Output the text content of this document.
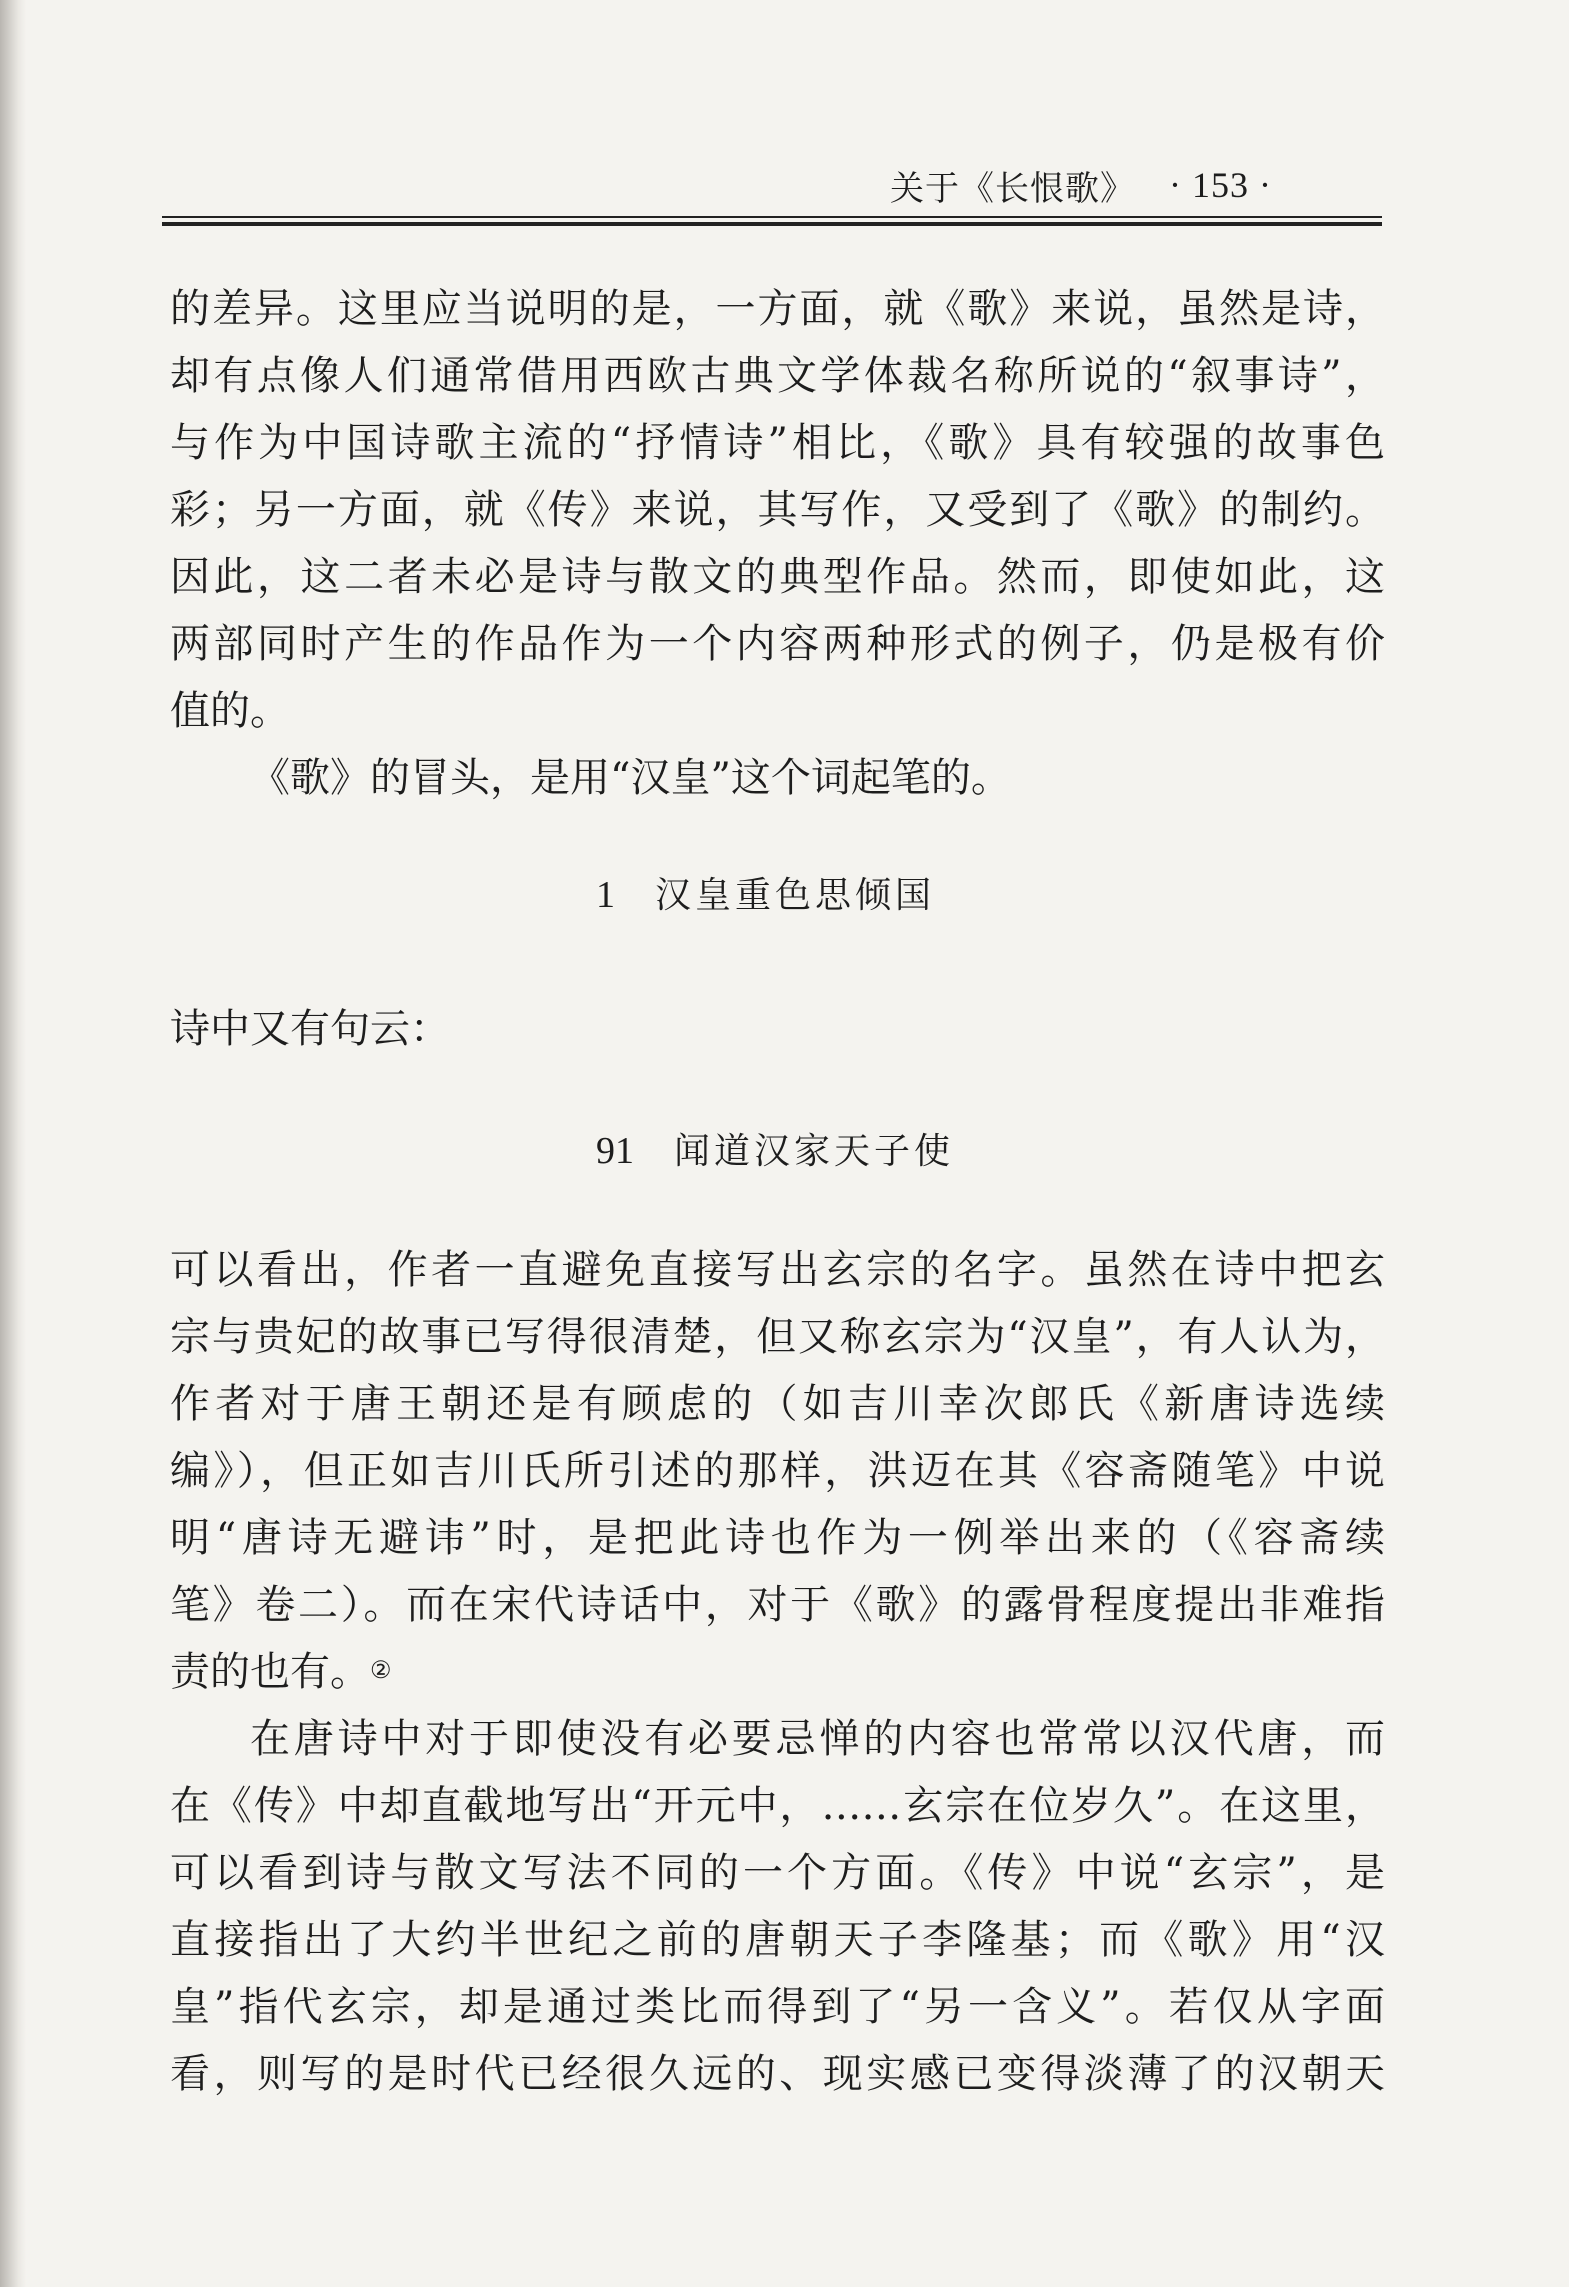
关于《长恨歌》 · 153 ·
的差异。这里应当说明的是，一方面，就《歌》来说，虽然是诗，
却有点像人们通常借用西欧古典文学体裁名称所说的“叙事诗”，
与作为中国诗歌主流的“抒情诗”相比，《歌》具有较强的故事色
彩；另一方面，就《传》来说，其写作，又受到了《歌》的制约。
因此，这二者未必是诗与散文的典型作品。然而，即使如此，这
两部同时产生的作品作为一个内容两种形式的例子，仍是极有价
值的。
《歌》的冒头，是用“汉皇”这个词起笔的。
1 汉皇重色思倾国
诗中又有句云：
91 闻道汉家天子使
可以看出，作者一直避免直接写出玄宗的名字。虽然在诗中把玄
宗与贵妃的故事已写得很清楚，但又称玄宗为“汉皇”，有人认为，
作者对于唐王朝还是有顾虑的（如吉川幸次郎氏《新唐诗选续
编》），但正如吉川氏所引述的那样，洪迈在其《容斋随笔》中说
明“唐诗无避讳”时，是把此诗也作为一例举出来的（《容斋续
笔》卷二）。而在宋代诗话中，对于《歌》的露骨程度提出非难指
责的也有。②
在唐诗中对于即使没有必要忌惮的内容也常常以汉代唐，而
在《传》中却直截地写出“开元中，……玄宗在位岁久”。在这里，
可以看到诗与散文写法不同的一个方面。《传》中说“玄宗”，是
直接指出了大约半世纪之前的唐朝天子李隆基；而《歌》用“汉
皇”指代玄宗，却是通过类比而得到了“另一含义”。若仅从字面
看，则写的是时代已经很久远的、现实感已变得淡薄了的汉朝天
